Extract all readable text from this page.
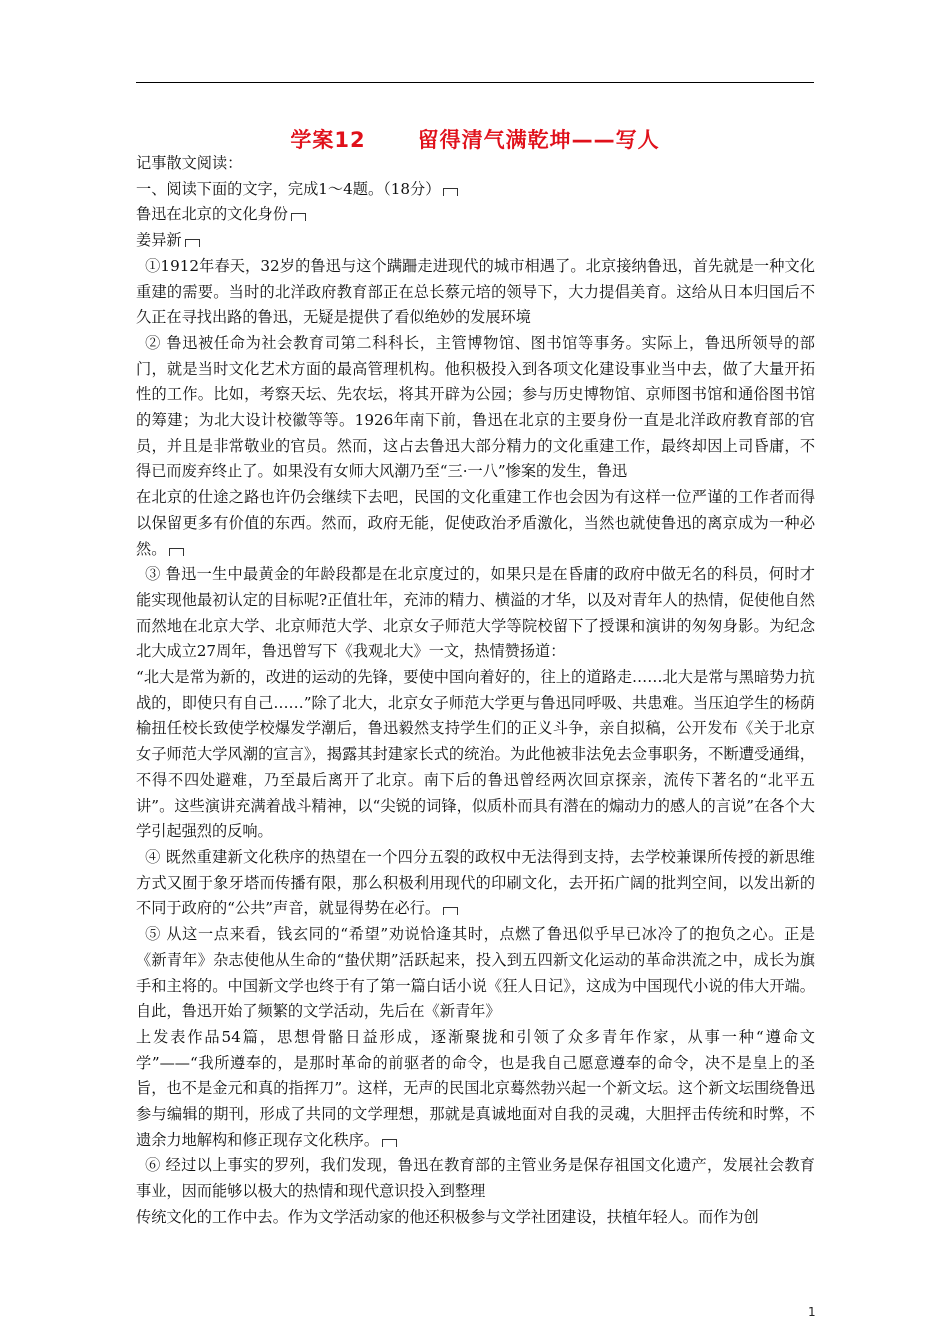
学案12 留得清气满乾坤——写人

记事散文阅读：

一、阅读下面的文字，完成1～4题。（18分）

鲁迅在北京的文化身份

姜异新

①1912年春天，32岁的鲁迅与这个蹒跚走进现代的城市相遇了。北京接纳鲁迅，首先就是一种文化重建的需要。当时的北洋政府教育部正在总长蔡元培的领导下，大力提倡美育。这给从日本归国后不久正在寻找出路的鲁迅，无疑是提供了看似绝妙的发展环境

② 鲁迅被任命为社会教育司第二科科长，主管博物馆、图书馆等事务。实际上，鲁迅所领导的部门，就是当时文化艺术方面的最高管理机构。他积极投入到各项文化建设事业当中去，做了大量开拓性的工作。比如，考察天坛、先农坛，将其开辟为公园；参与历史博物馆、京师图书馆和通俗图书馆的筹建；为北大设计校徽等等。1926年南下前，鲁迅在北京的主要身份一直是北洋政府教育部的官员，并且是非常敬业的官员。然而，这占去鲁迅大部分精力的文化重建工作，最终却因上司昏庸，不得已而废弃终止了。如果没有女师大风潮乃至“三·一八”惨案的发生，鲁迅

在北京的仕途之路也许仍会继续下去吧，民国的文化重建工作也会因为有这样一位严谨的工作者而得以保留更多有价值的东西。然而，政府无能，促使政治矛盾激化，当然也就使鲁迅的离京成为一种必然。

③ 鲁迅一生中最黄金的年龄段都是在北京度过的，如果只是在昏庸的政府中做无名的科员，何时才能实现他最初认定的目标呢?正值壮年，充沛的精力、横溢的才华，以及对青年人的热情，促使他自然而然地在北京大学、北京师范大学、北京女子师范大学等院校留下了授课和演讲的匆匆身影。为纪念北大成立27周年，鲁迅曾写下《我观北大》一文，热情赞扬道：

“北大是常为新的，改进的运动的先锋，要使中国向着好的，往上的道路走……北大是常与黑暗势力抗战的，即使只有自己……”除了北大，北京女子师范大学更与鲁迅同呼吸、共患难。当压迫学生的杨荫榆扭任校长致使学校爆发学潮后，鲁迅毅然支持学生们的正义斗争，亲自拟稿，公开发布《关于北京女子师范大学风潮的宣言》，揭露其封建家长式的统治。为此他被非法免去佥事职务，不断遭受通缉，不得不四处避难，乃至最后离开了北京。南下后的鲁迅曾经两次回京探亲，流传下著名的“北平五讲”。这些演讲充满着战斗精神，以“尖锐的词锋，似质朴而具有潜在的煽动力的感人的言说”在各个大学引起强烈的反响。

④ 既然重建新文化秩序的热望在一个四分五裂的政权中无法得到支持，去学校兼课所传授的新思维方式又囿于象牙塔而传播有限，那么积极利用现代的印刷文化，去开拓广阔的批判空间，以发出新的不同于政府的“公共”声音，就显得势在必行。

⑤ 从这一点来看，钱玄同的“希望”劝说恰逢其时，点燃了鲁迅似乎早已冰冷了的抱负之心。正是《新青年》杂志使他从生命的“蛰伏期”活跃起来，投入到五四新文化运动的革命洪流之中，成长为旗手和主将的。中国新文学也终于有了第一篇白话小说《狂人日记》，这成为中国现代小说的伟大开端。自此，鲁迅开始了频繁的文学活动，先后在《新青年》

上发表作品54篇，思想骨骼日益形成，逐渐聚拢和引领了众多青年作家，从事一种“遵命文学”——“我所遵奉的，是那时革命的前驱者的命令，也是我自己愿意遵奉的命令，决不是皇上的圣旨，也不是金元和真的指挥刀”。这样，无声的民国北京蓦然勃兴起一个新文坛。这个新文坛围绕鲁迅参与编辑的期刊，形成了共同的文学理想，那就是真诚地面对自我的灵魂，大胆抨击传统和时弊，不遗余力地解构和修正现存文化秩序。

⑥ 经过以上事实的罗列，我们发现，鲁迅在教育部的主管业务是保存祖国文化遗产，发展社会教育事业，因而能够以极大的热情和现代意识投入到整理

传统文化的工作中去。作为文学活动家的他还积极参与文学社团建设，扶植年轻人。而作为创

1
